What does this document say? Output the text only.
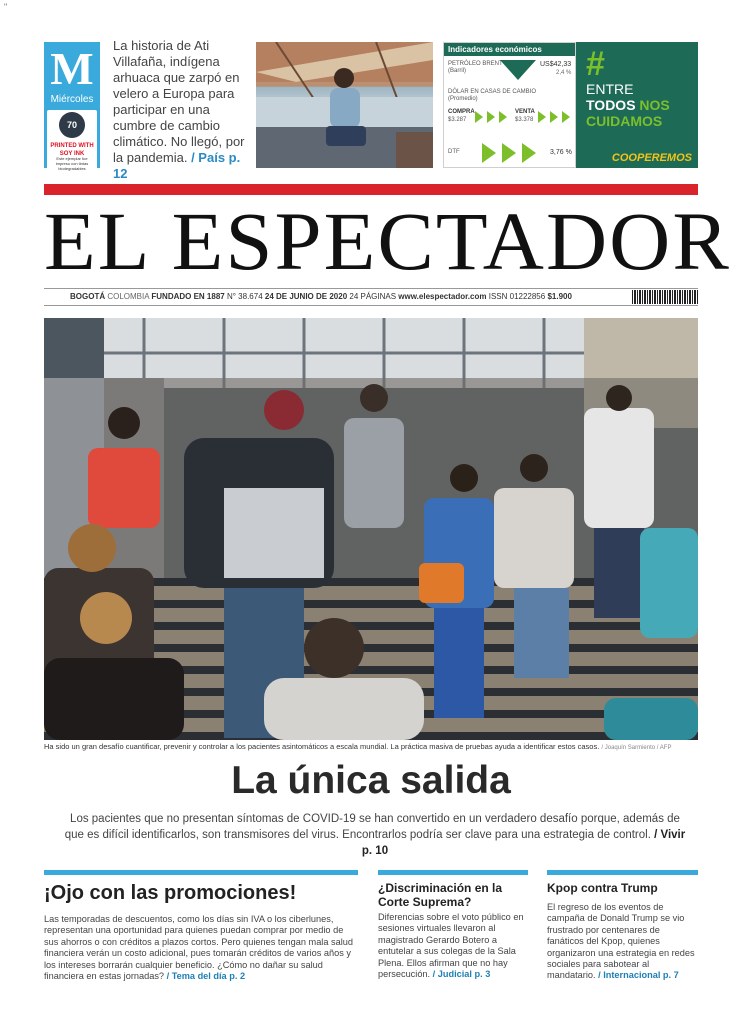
"
M
Miércoles
70
PRINTED WITH SOY INK
Este ejemplar fue impreso con tintas biodegradables
La historia de Ati Villafaña, indígena arhuaca que zarpó en velero a Europa para participar en una cumbre de cambio climático. No llegó, por la pandemia. / País p. 12
Indicadores económicos
PETRÓLEO BRENT
(Barril)
US$42,33
2,4 %
DÓLAR EN CASAS DE CAMBIO
(Promedio)
COMPRA
$3.287
VENTA
$3.378
DTF	3,76 %
#
ENTRE
TODOS NOS
CUIDAMOS
COOPEREMOS
EL ESPECTADOR
BOGOTÁ COLOMBIA FUNDADO EN 1887 N° 38.674 24 DE JUNIO DE 2020 24 PÁGINAS www.elespectador.com ISSN 01222856 $1.900
Ha sido un gran desafío cuantificar, prevenir y controlar a los pacientes asintomáticos a escala mundial. La práctica masiva de pruebas ayuda a identificar estos casos. / Joaquín Sarmiento / AFP
La única salida
Los pacientes que no presentan síntomas de COVID-19 se han convertido en un verdadero desafío porque, además de que es difícil identificarlos, son transmisores del virus. Encontrarlos podría ser clave para una estrategia de control. / Vivir p. 10
¡Ojo con las promociones!

Las temporadas de descuentos, como los días sin IVA o los ciberlunes, representan una oportunidad para quienes puedan comprar por medio de sus ahorros o con créditos a plazos cortos. Pero quienes tengan mala salud financiera verán un costo adicional, pues tomarán créditos de varios años y los intereses borrarán cualquier beneficio. ¿Cómo no dañar su salud financiera en estas jornadas? / Tema del día p. 2

¿Discriminación en la Corte Suprema?

Diferencias sobre el voto público en sesiones virtuales llevaron al magistrado Gerardo Botero a entutelar a sus colegas de la Sala Plena. Ellos afirman que no hay persecución. / Judicial p. 3

Kpop contra Trump

El regreso de los eventos de campaña de Donald Trump se vio frustrado por centenares de fanáticos del Kpop, quienes organizaron una estrategia en redes sociales para sabotear al mandatario. / Internacional p. 7
